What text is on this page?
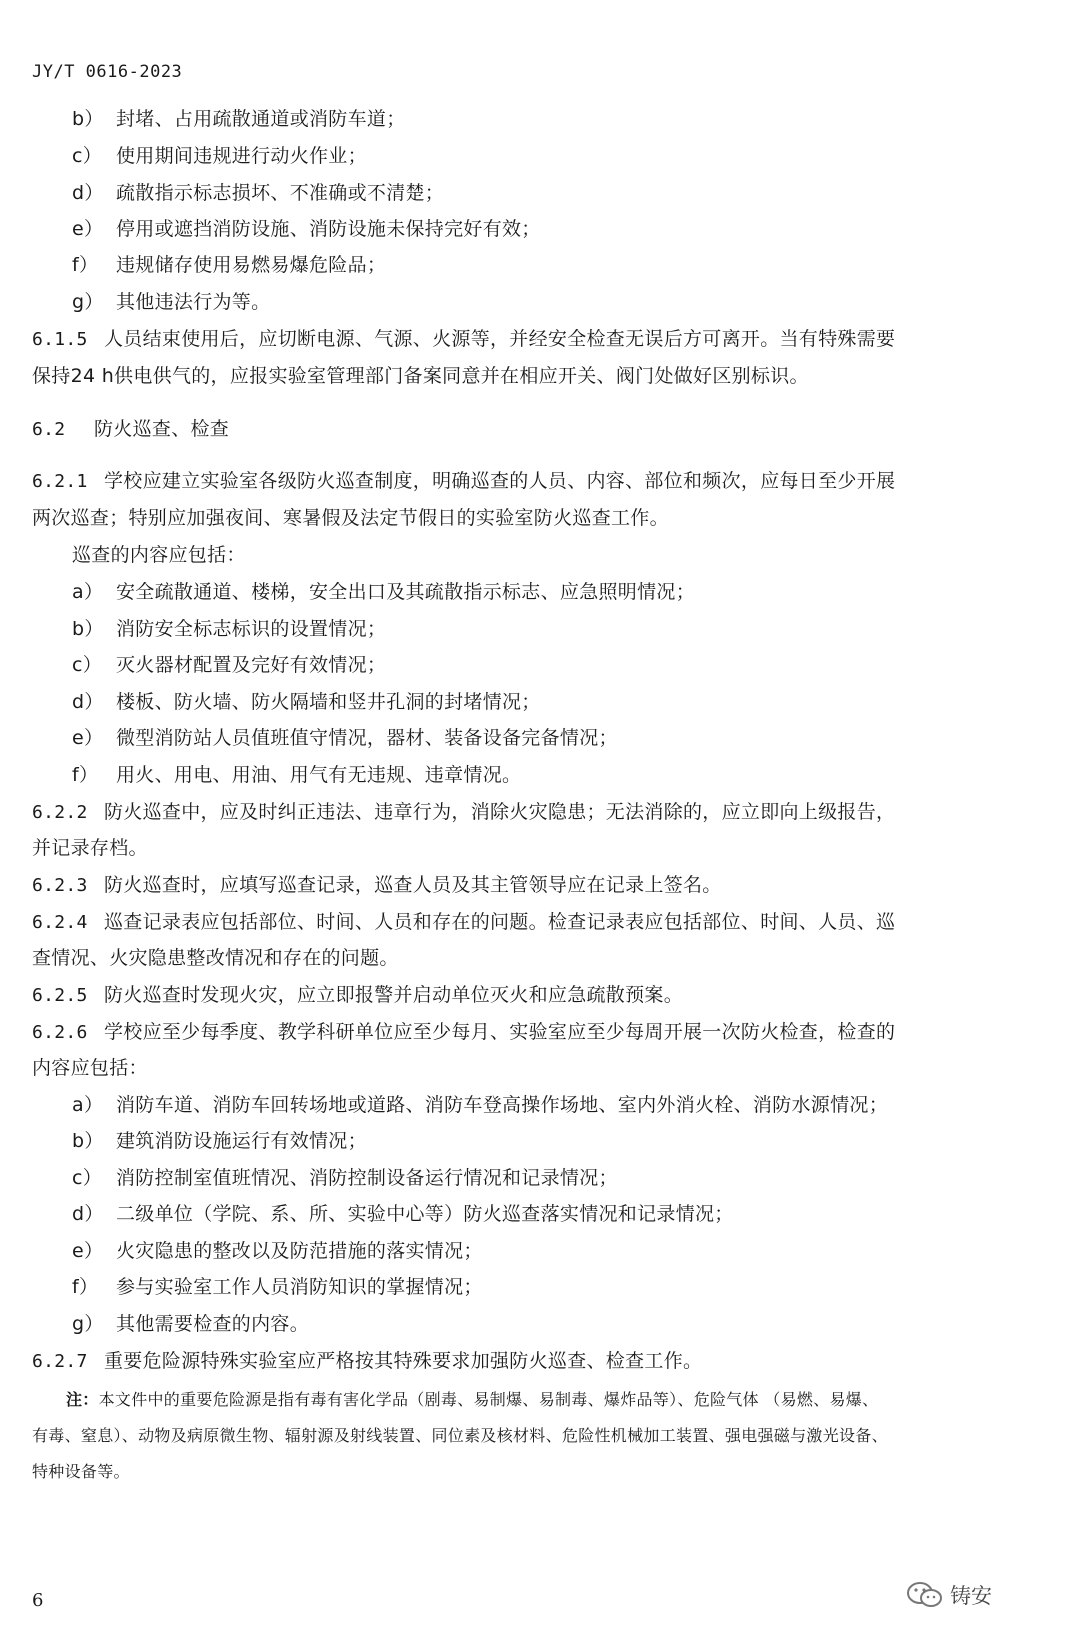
JY/T 0616-2023
b） 封堵、占用疏散通道或消防车道；
c） 使用期间违规进行动火作业；
d） 疏散指示标志损坏、不准确或不清楚；
e） 停用或遮挡消防设施、消防设施未保持完好有效；
f） 违规储存使用易燃易爆危险品；
g） 其他违法行为等。
6.1.5 人员结束使用后，应切断电源、气源、火源等，并经安全检查无误后方可离开。当有特殊需要
保持24 h供电供气的，应报实验室管理部门备案同意并在相应开关、阀门处做好区别标识。
6.2 防火巡查、检查
6.2.1 学校应建立实验室各级防火巡查制度，明确巡查的人员、内容、部位和频次，应每日至少开展
两次巡查；特别应加强夜间、寒暑假及法定节假日的实验室防火巡查工作。
巡查的内容应包括：
a） 安全疏散通道、楼梯，安全出口及其疏散指示标志、应急照明情况；
b） 消防安全标志标识的设置情况；
c） 灭火器材配置及完好有效情况；
d） 楼板、防火墙、防火隔墙和竖井孔洞的封堵情况；
e） 微型消防站人员值班值守情况，器材、装备设备完备情况；
f） 用火、用电、用油、用气有无违规、违章情况。
6.2.2 防火巡查中，应及时纠正违法、违章行为，消除火灾隐患；无法消除的，应立即向上级报告，
并记录存档。
6.2.3 防火巡查时，应填写巡查记录，巡查人员及其主管领导应在记录上签名。
6.2.4 巡查记录表应包括部位、时间、人员和存在的问题。检查记录表应包括部位、时间、人员、巡
查情况、火灾隐患整改情况和存在的问题。
6.2.5 防火巡查时发现火灾，应立即报警并启动单位灭火和应急疏散预案。
6.2.6 学校应至少每季度、教学科研单位应至少每月、实验室应至少每周开展一次防火检查，检查的
内容应包括：
a） 消防车道、消防车回转场地或道路、消防车登高操作场地、室内外消火栓、消防水源情况；
b） 建筑消防设施运行有效情况；
c） 消防控制室值班情况、消防控制设备运行情况和记录情况；
d） 二级单位（学院、系、所、实验中心等）防火巡查落实情况和记录情况；
e） 火灾隐患的整改以及防范措施的落实情况；
f） 参与实验室工作人员消防知识的掌握情况；
g） 其他需要检查的内容。
6.2.7 重要危险源特殊实验室应严格按其特殊要求加强防火巡查、检查工作。
注：本文件中的重要危险源是指有毒有害化学品（剧毒、易制爆、易制毒、爆炸品等）、危险气体 （易燃、易爆、
有毒、窒息）、动物及病原微生物、辐射源及射线装置、同位素及核材料、危险性机械加工装置、强电强磁与激光设备、
特种设备等。
6	铸安
